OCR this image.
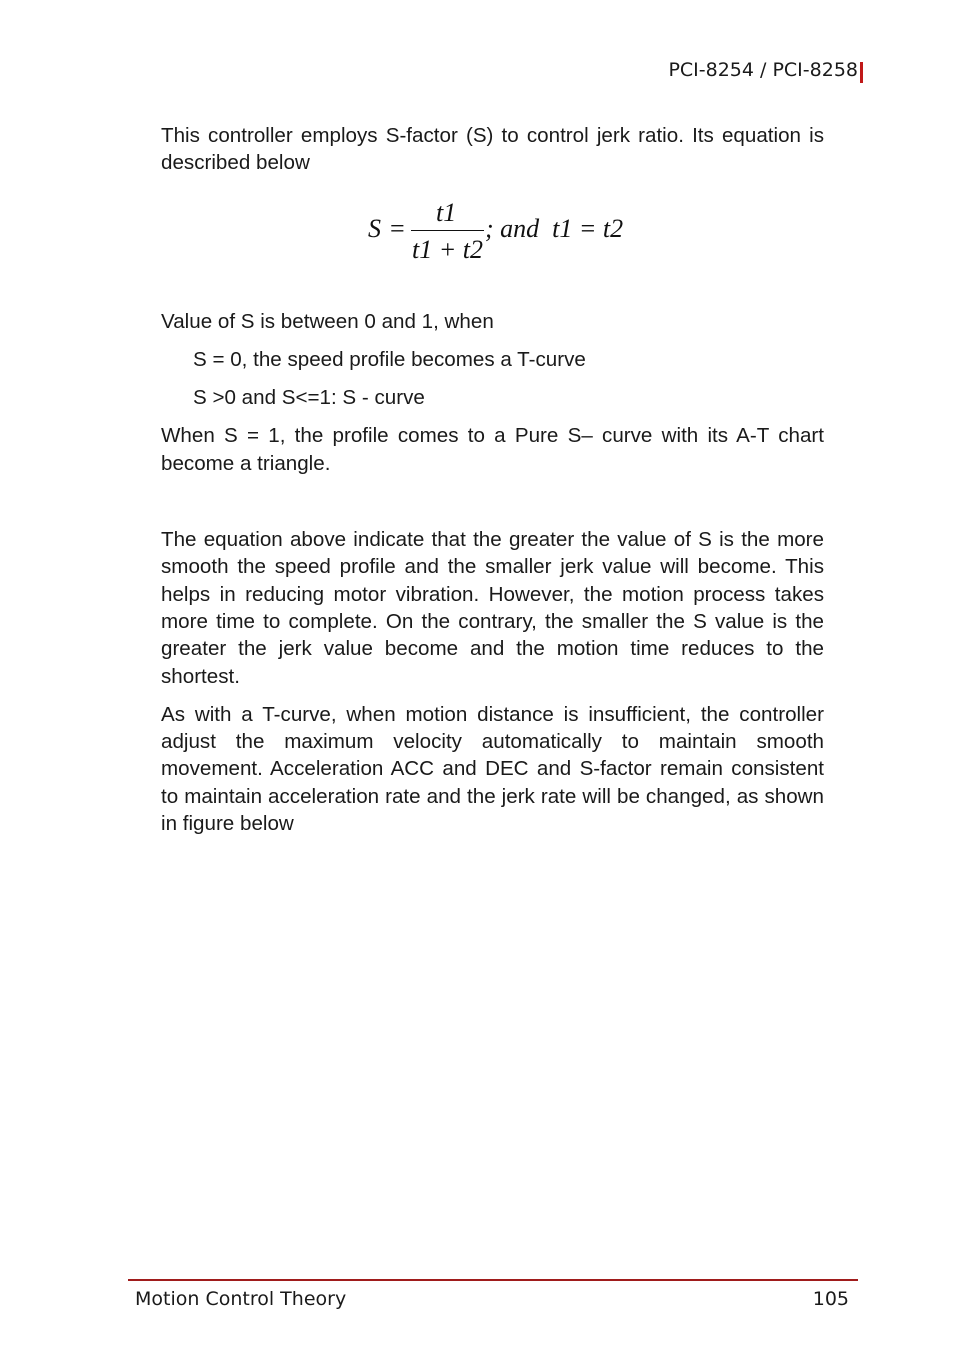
PCI-8254 / PCI-8258

This controller employs S-factor (S) to control jerk ratio. Its equation is described below

Value of S is between 0 and 1, when

S = 0, the speed profile becomes a T-curve

S >0 and S<=1: S - curve

When S = 1, the profile comes to a Pure S– curve with its A-T chart become a triangle.

The equation above indicate that the greater the value of S is the more smooth the speed profile and the smaller jerk value will become. This helps in reducing motor vibration. However, the motion process takes more time to complete. On the contrary, the smaller the S value is the greater the jerk value become and the motion time reduces to the shortest.

As with a T-curve, when motion distance is insufficient, the controller adjust the maximum velocity automatically to maintain smooth movement. Acceleration ACC and DEC and S-factor remain consistent to maintain acceleration rate and the jerk rate will be changed, as shown in figure below

S =
t1
t1 + t2
; and  t1 = t2
Motion Control Theory	105
